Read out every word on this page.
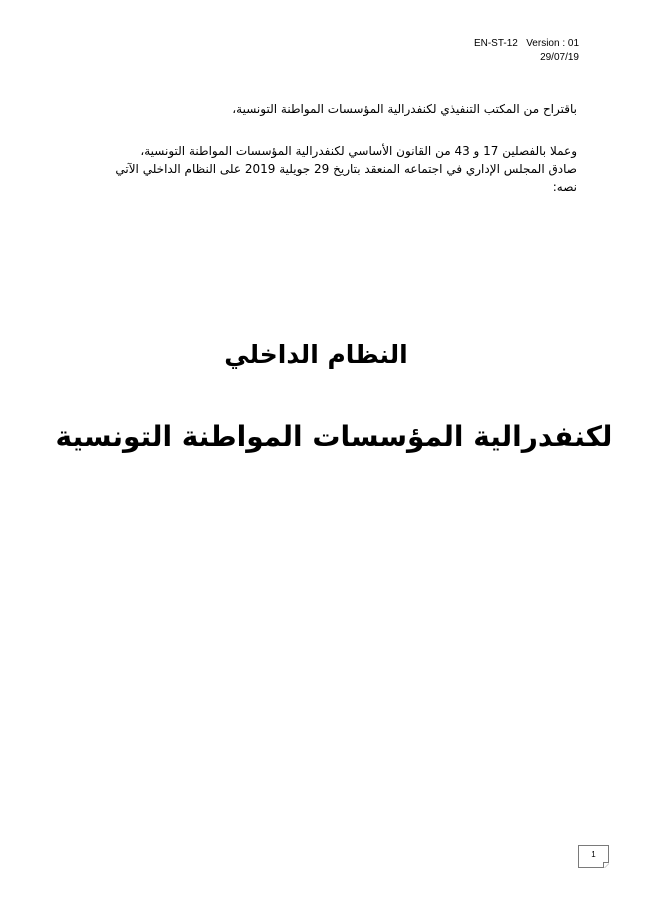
EN-ST-12 Version : 01
29/07/19

باقتراح من المكتب التنفيذي لكنفدرالية المؤسسات المواطنة التونسية،

وعملا بالفصلين 17 و 43 من القانون الأساسي لكنفدرالية المؤسسات المواطنة التونسية،

صادق المجلس الإداري في اجتماعه المنعقد بتاريخ 29 جويلية 2019 على النظام الداخلي الآتي

نصه:

النظام الداخلي
لكنفدرالية المؤسسات المواطنة التونسية
1
